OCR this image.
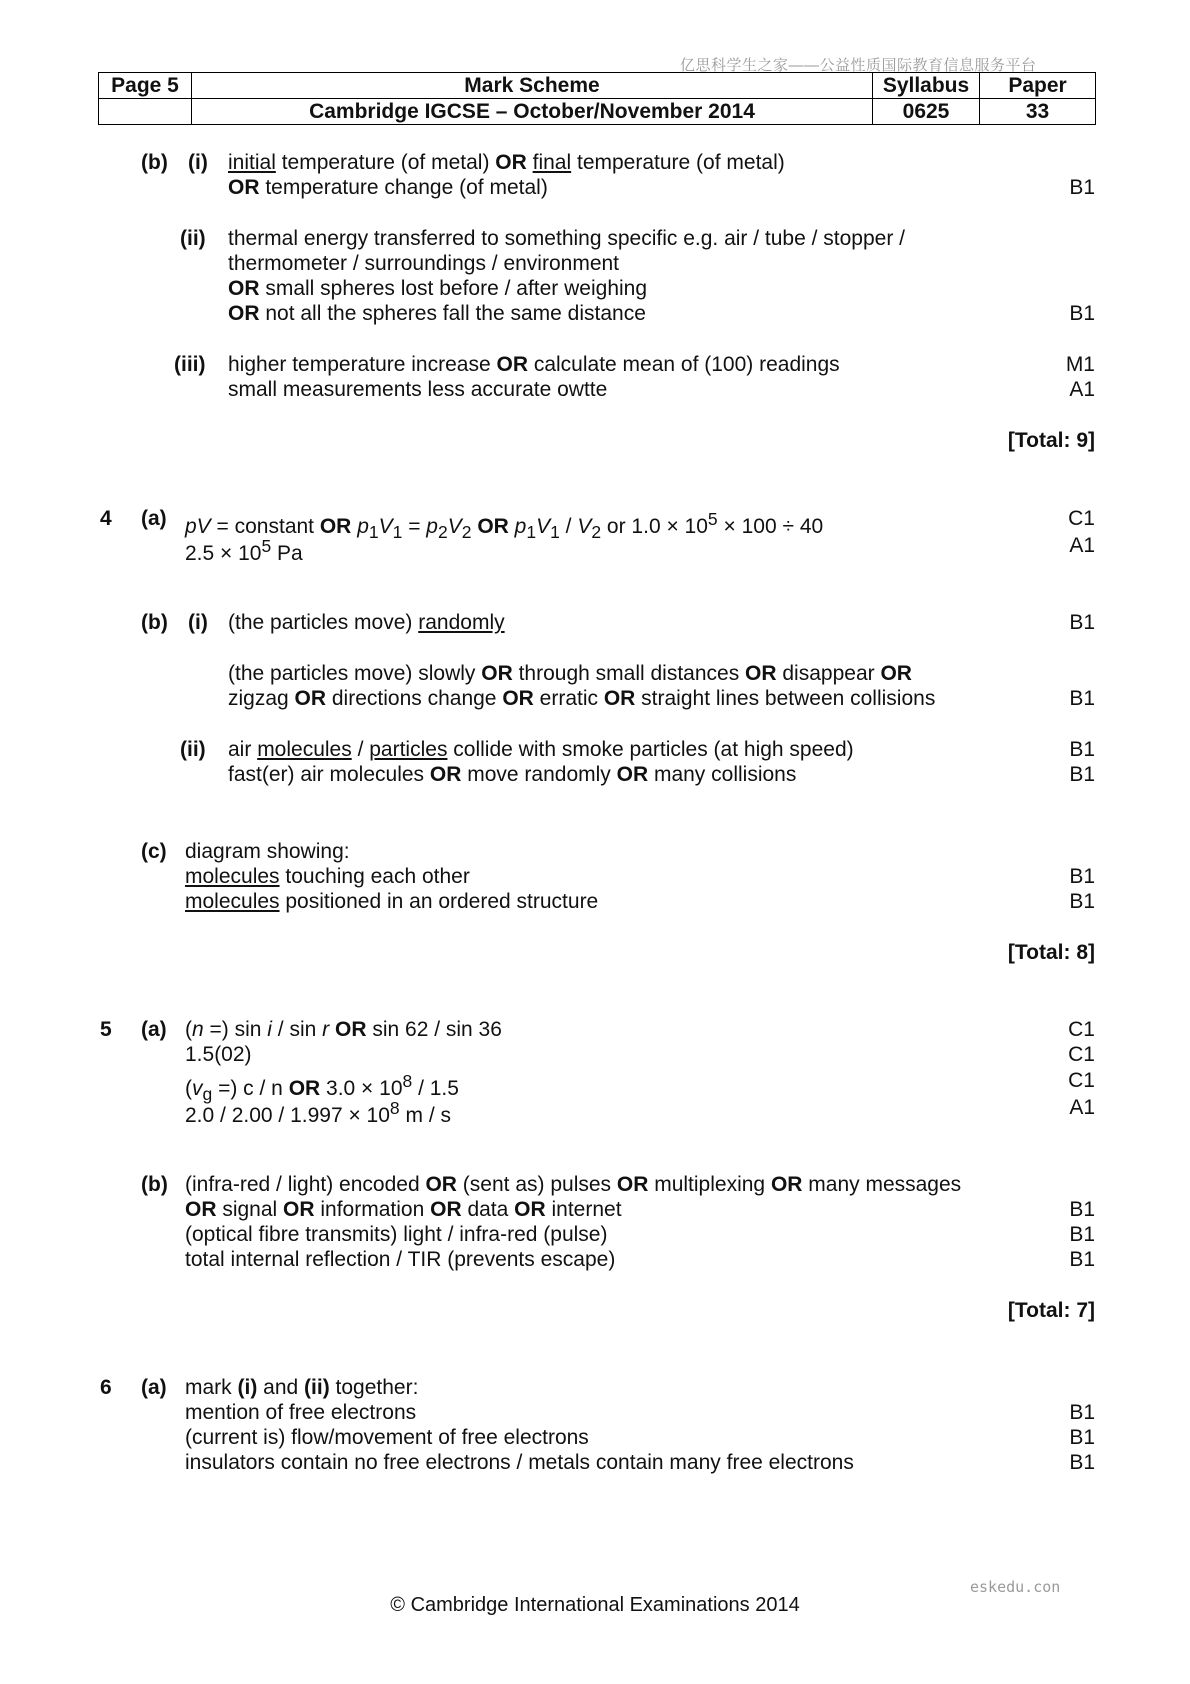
亿思科学生之家——公益性质国际教育信息服务平台
Page 5	Mark Scheme	Syllabus	Paper
	Cambridge IGCSE – October/November 2014	0625	33
(b) (i) initial temperature (of metal) OR final temperature (of metal)
OR temperature change (of metal)	B1
(ii) thermal energy transferred to something specific e.g. air / tube / stopper /
thermometer / surroundings / environment
OR small spheres lost before / after weighing
OR not all the spheres fall the same distance	B1
(iii) higher temperature increase OR calculate mean of (100) readings	M1
small measurements less accurate owtte	A1
[Total: 9]
4 (a) pV = constant OR $p_1V_1 = p_2V_2$ OR $p_1V_1 / V_2$ or $1.0 \times 10^5 \times 100 \div 40$	C1
$2.5 \times 10^5$ Pa	A1
(b) (i) (the particles move) randomly	B1
(the particles move) slowly OR through small distances OR disappear OR
zigzag OR directions change OR erratic OR straight lines between collisions	B1
(ii) air molecules / particles collide with smoke particles (at high speed)	B1
fast(er) air molecules OR move randomly OR many collisions	B1
(c) diagram showing:
molecules touching each other	B1
molecules positioned in an ordered structure	B1
[Total: 8]
5 (a) (n =) sin i / sin r OR sin 62 / sin 36	C1
1.5(02)	C1
($v_g$ =) c / n OR $3.0 \times 10^8 / 1.5$	C1
$2.0 / 2.00 / 1.997 \times 10^8$ m / s	A1
(b) (infra-red / light) encoded OR (sent as) pulses OR multiplexing OR many messages
OR signal OR information OR data OR internet	B1
(optical fibre transmits) light / infra-red (pulse)	B1
total internal reflection / TIR (prevents escape)	B1
[Total: 7]
6 (a) mark (i) and (ii) together:
mention of free electrons	B1
(current is) flow/movement of free electrons	B1
insulators contain no free electrons / metals contain many free electrons	B1
eskedu.con
© Cambridge International Examinations 2014
